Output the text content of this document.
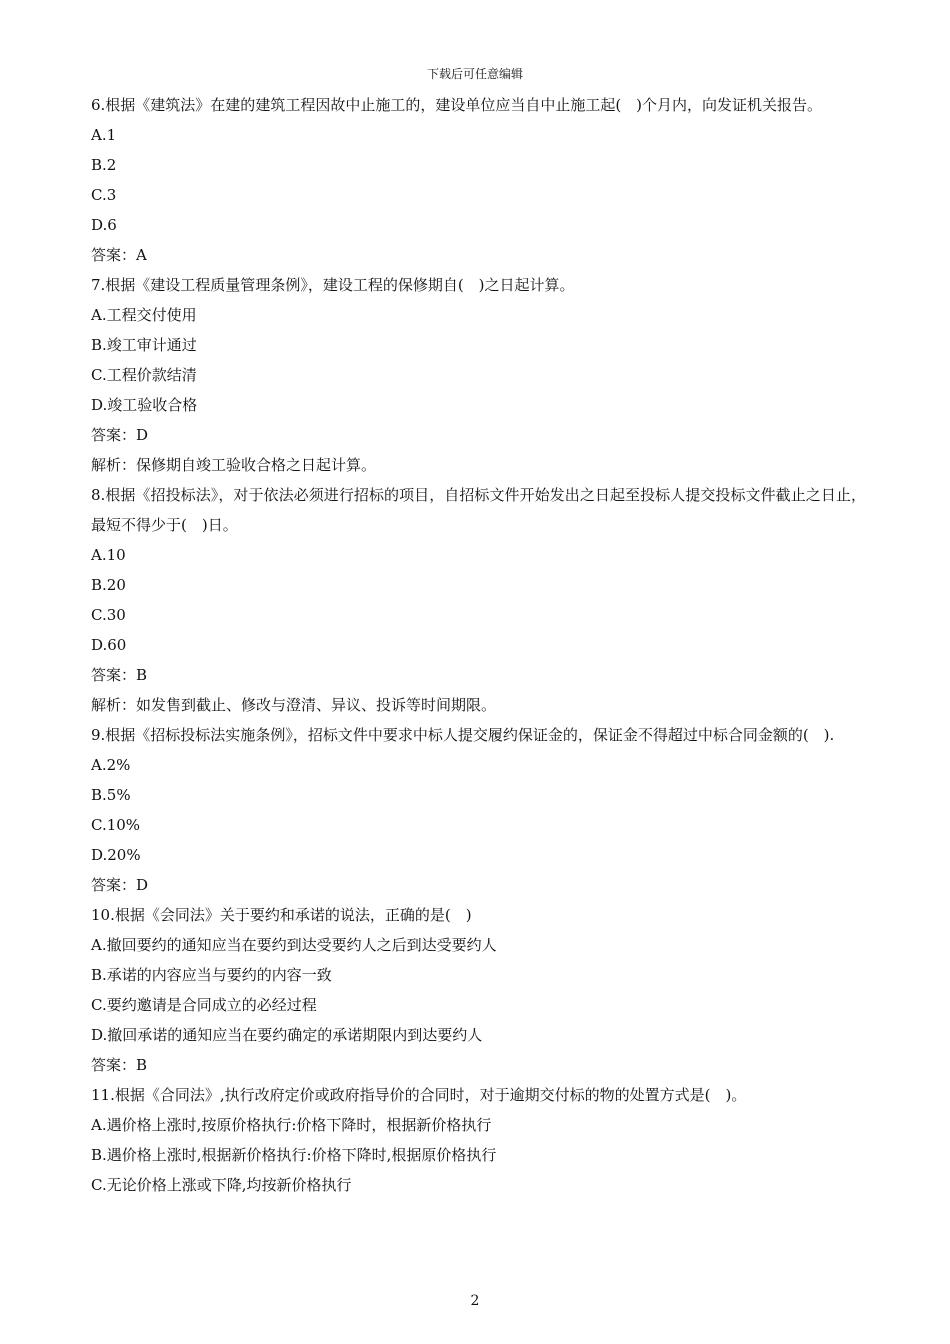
下载后可任意编辑
6.根据《建筑法》在建的建筑工程因故中止施工的，建设单位应当自中止施工起(　)个月内，向发证机关报告。
A.1
B.2
C.3
D.6
答案：A
7.根据《建设工程质量管理条例》，建设工程的保修期自(　)之日起计算。
A.工程交付使用
B.竣工审计通过
C.工程价款结清
D.竣工验收合格
答案：D
解析：保修期自竣工验收合格之日起计算。
8.根据《招投标法》，对于依法必须进行招标的项目，自招标文件开始发出之日起至投标人提交投标文件截止之日止，最短不得少于(　)日。
A.10
B.20
C.30
D.60
答案：B
解析：如发售到截止、修改与澄清、异议、投诉等时间期限。
9.根据《招标投标法实施条例》，招标文件中要求中标人提交履约保证金的，保证金不得超过中标合同金额的(　).
A.2%
B.5%
C.10%
D.20%
答案：D
10.根据《会同法》关于要约和承诺的说法，正确的是(　)
A.撤回要约的通知应当在要约到达受要约人之后到达受要约人
B.承诺的内容应当与要约的内容一致
C.要约邀请是合同成立的必经过程
D.撤回承诺的通知应当在要约确定的承诺期限内到达要约人
答案：B
11.根据《合同法》,执行改府定价或政府指导价的合同时，对于逾期交付标的物的处置方式是(　)。
A.遇价格上涨时,按原价格执行:价格下降时，根据新价格执行
B.遇价格上涨时,根据新价格执行:价格下降时,根据原价格执行
C.无论价格上涨或下降,均按新价格执行
2
